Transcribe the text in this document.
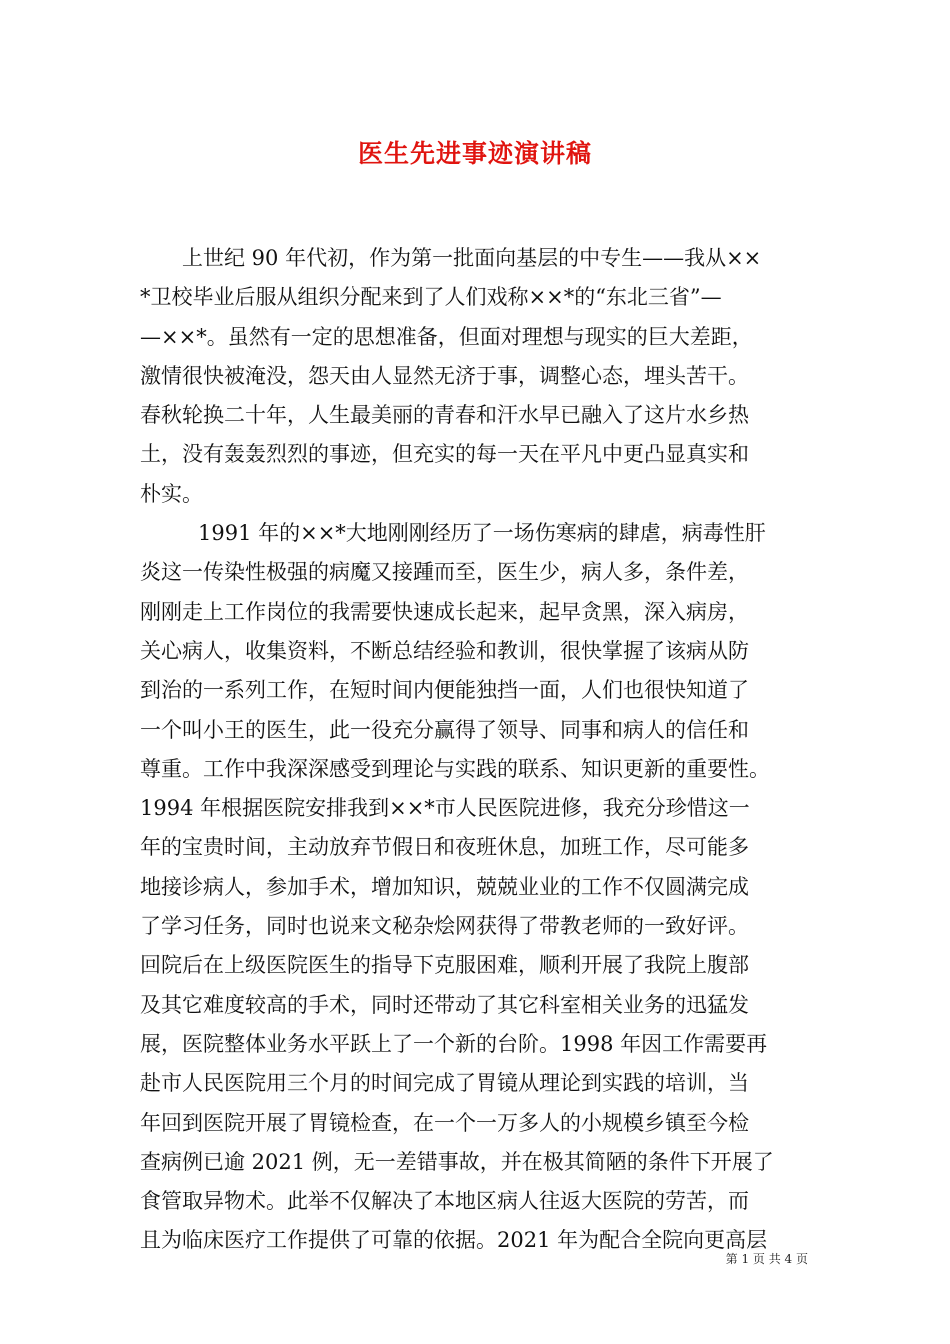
医生先进事迹演讲稿
上世纪 90 年代初，作为第一批面向基层的中专生——我从××
*卫校毕业后服从组织分配来到了人们戏称××*的“东北三省”—
—××*。虽然有一定的思想准备，但面对理想与现实的巨大差距，
激情很快被淹没，怨天由人显然无济于事，调整心态，埋头苦干。
春秋轮换二十年，人生最美丽的青春和汗水早已融入了这片水乡热
土，没有轰轰烈烈的事迹，但充实的每一天在平凡中更凸显真实和
朴实。
1991 年的××*大地刚刚经历了一场伤寒病的肆虐，病毒性肝
炎这一传染性极强的病魔又接踵而至，医生少，病人多，条件差，
刚刚走上工作岗位的我需要快速成长起来，起早贪黑，深入病房，
关心病人，收集资料，不断总结经验和教训，很快掌握了该病从防
到治的一系列工作，在短时间内便能独挡一面，人们也很快知道了
一个叫小王的医生，此一役充分赢得了领导、同事和病人的信任和
尊重。工作中我深深感受到理论与实践的联系、知识更新的重要性。
1994 年根据医院安排我到××*市人民医院进修，我充分珍惜这一
年的宝贵时间，主动放弃节假日和夜班休息，加班工作，尽可能多
地接诊病人，参加手术，增加知识，兢兢业业的工作不仅圆满完成
了学习任务，同时也说来文秘杂烩网获得了带教老师的一致好评。
回院后在上级医院医生的指导下克服困难，顺利开展了我院上腹部
及其它难度较高的手术，同时还带动了其它科室相关业务的迅猛发
展，医院整体业务水平跃上了一个新的台阶。1998 年因工作需要再
赴市人民医院用三个月的时间完成了胃镜从理论到实践的培训，当
年回到医院开展了胃镜检查，在一个一万多人的小规模乡镇至今检
查病例已逾 2021 例，无一差错事故，并在极其简陋的条件下开展了
食管取异物术。此举不仅解决了本地区病人往返大医院的劳苦，而
且为临床医疗工作提供了可靠的依据。2021 年为配合全院向更高层
第 1 页 共 4 页
